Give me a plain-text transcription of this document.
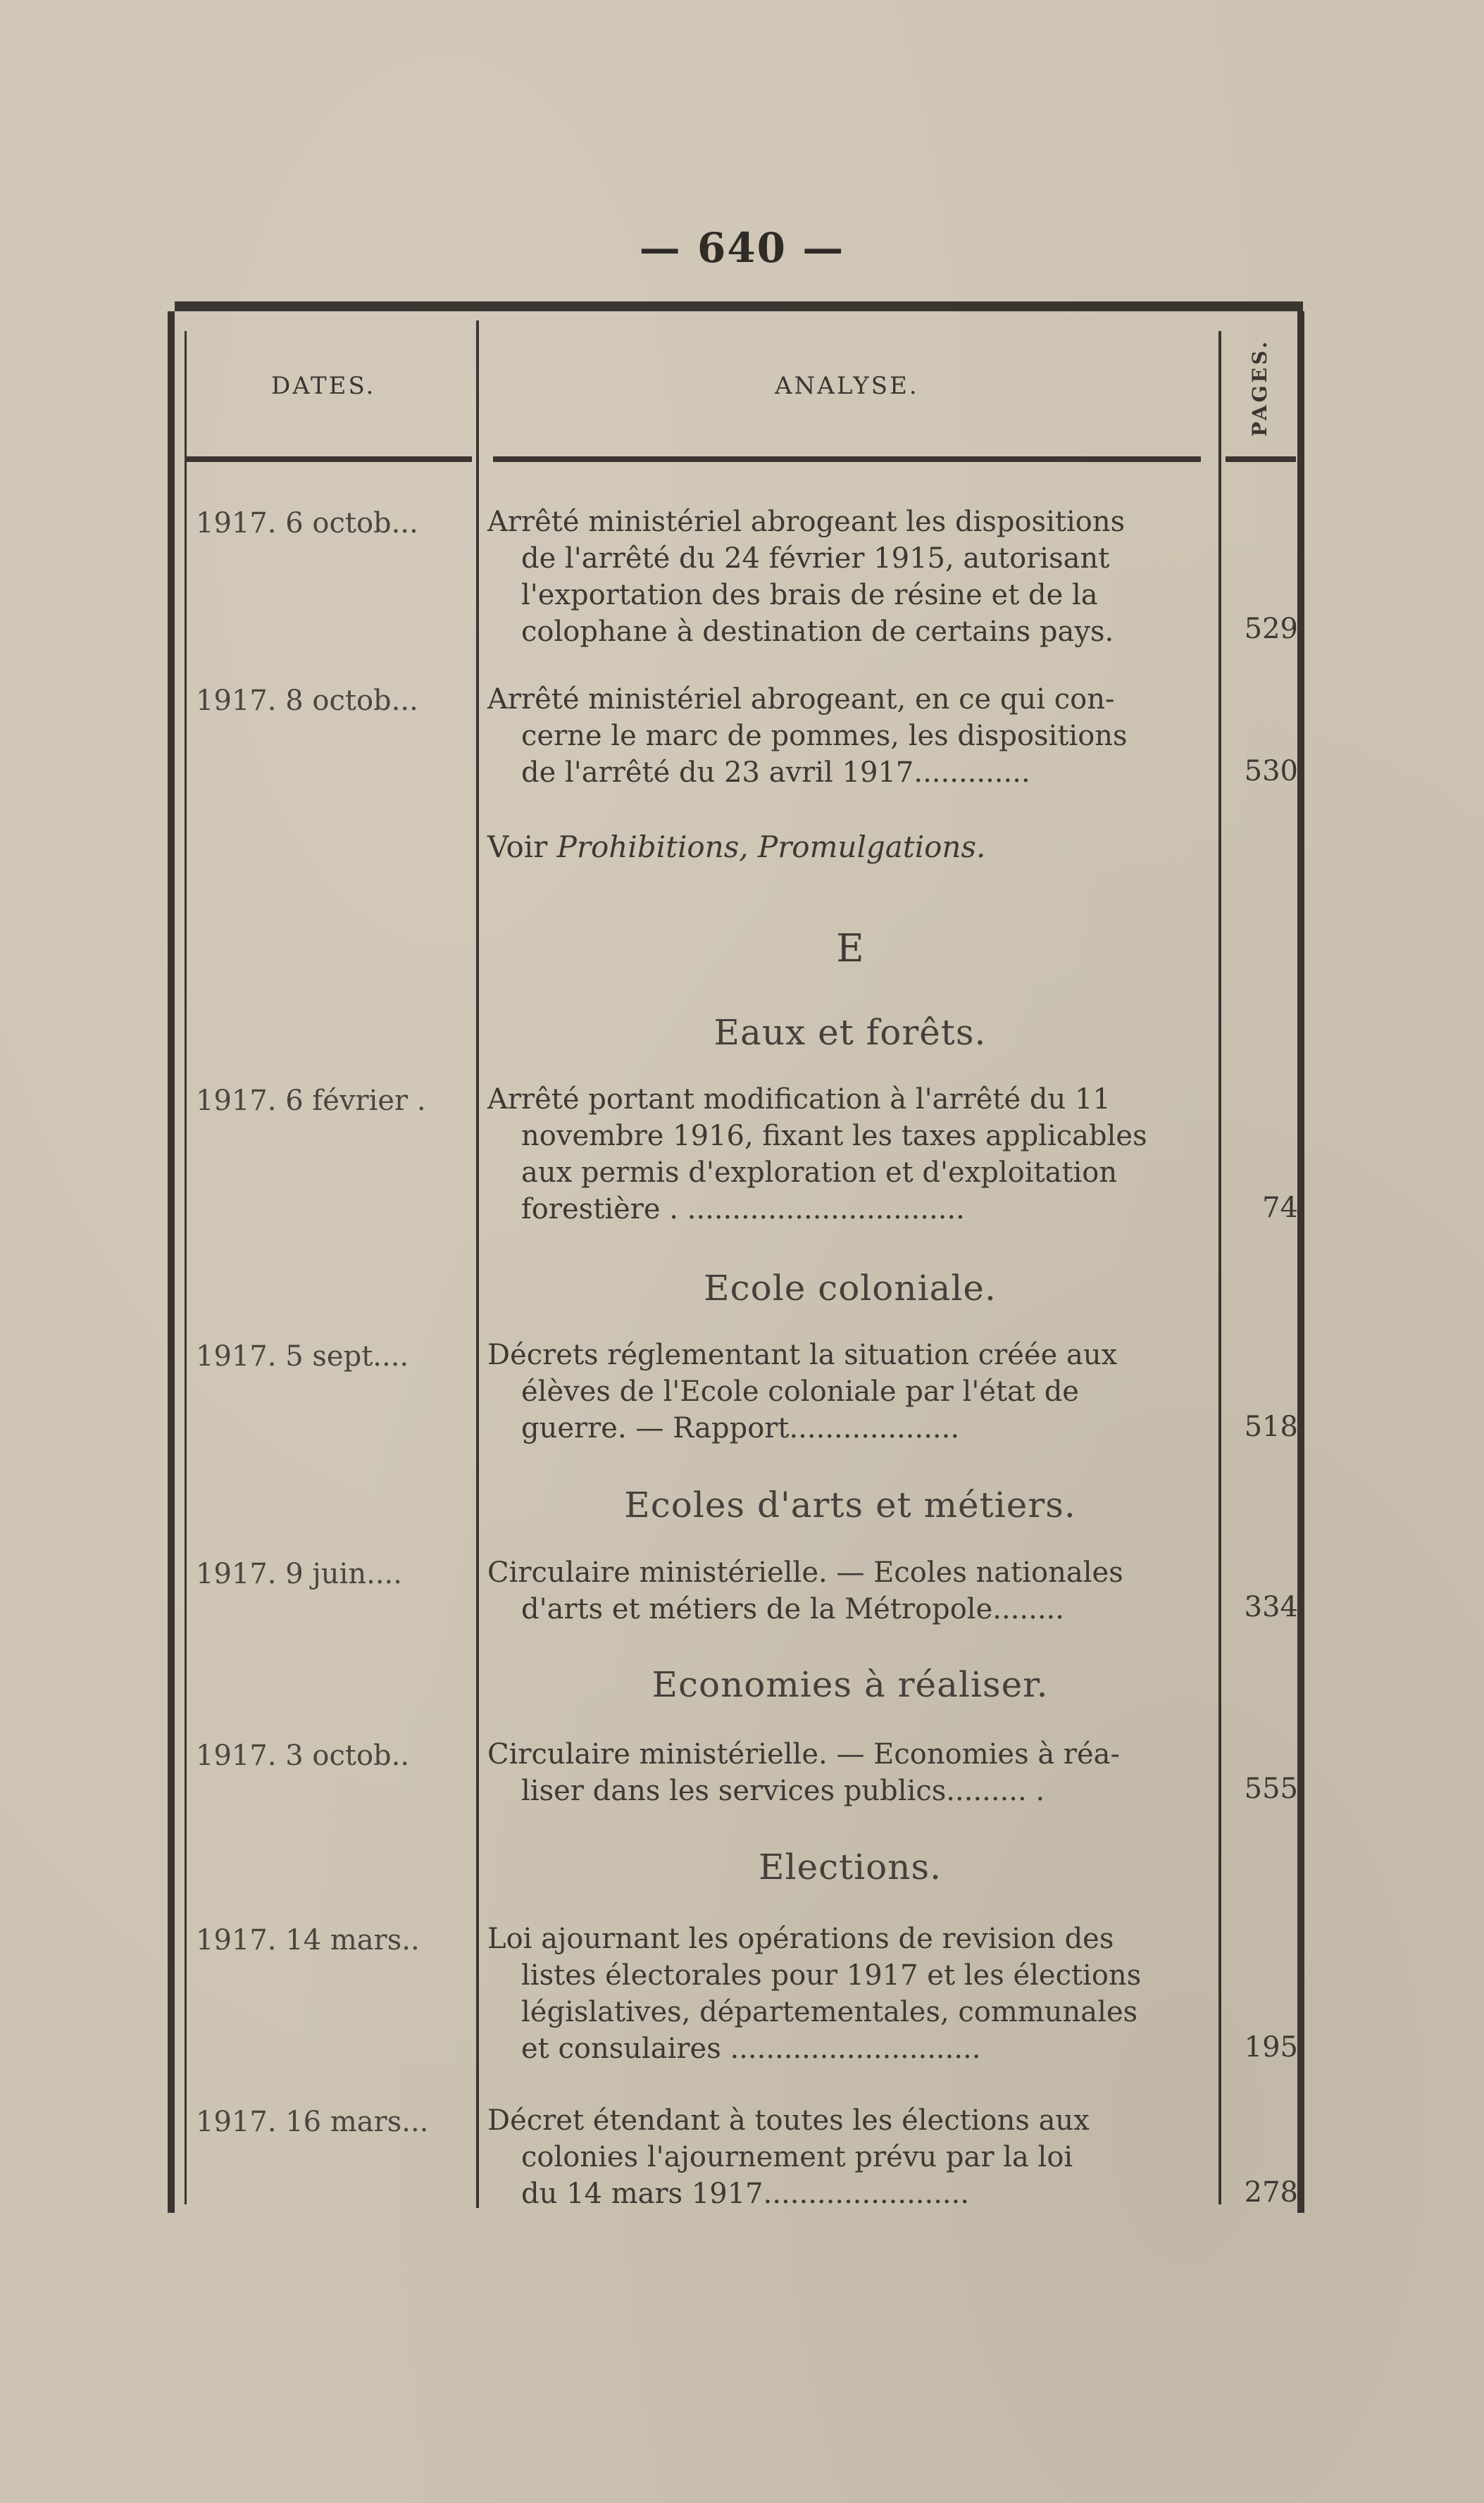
— 640 —
DATES.	ANALYSE.	PAGES.
1917. 6 octob...	Arrêté ministériel abrogeant les dispositions
de l'arrêté du 24 février 1915, autorisant
l'exportation des brais de résine et de la
colophane à destination de certains pays.	529
1917. 8 octob...	Arrêté ministériel abrogeant, en ce qui con-
cerne le marc de pommes, les dispositions
de l'arrêté du 23 avril 1917.............	530
Voir Prohibitions, Promulgations.
E
Eaux et forêts.
1917. 6 février .	Arrêté portant modification à l'arrêté du 11
novembre 1916, fixant les taxes applicables
aux permis d'exploration et d'exploitation
forestière . ...............................	74
Ecole coloniale.
1917. 5 sept....	Décrets réglementant la situation créée aux
élèves de l'Ecole coloniale par l'état de
guerre. — Rapport...................	518
Ecoles d'arts et métiers.
1917. 9 juin....	Circulaire ministérielle. — Ecoles nationales
d'arts et métiers de la Métropole........	334
Economies à réaliser.
1917. 3 octob..	Circulaire ministérielle. — Economies à réa-
liser dans les services publics......... .	555
Elections.
1917. 14 mars..	Loi ajournant les opérations de revision des
listes électorales pour 1917 et les élections
législatives, départementales, communales
et consulaires ............................	195
1917. 16 mars...	Décret étendant à toutes les élections aux
colonies l'ajournement prévu par la loi
du 14 mars 1917.......................	278
